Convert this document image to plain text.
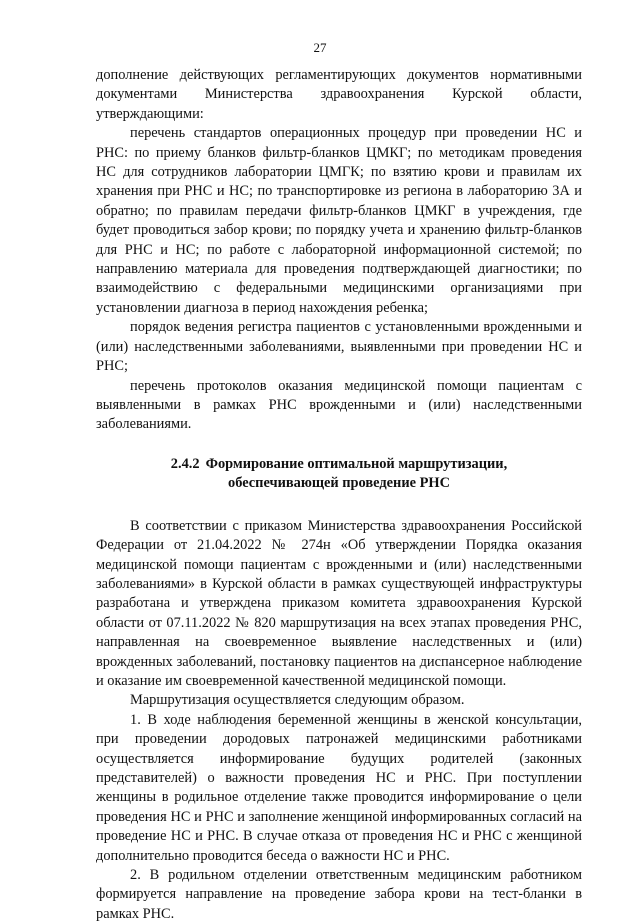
27

дополнение действующих регламентирующих документов нормативными документами Министерства здравоохранения Курской области, утверждающими:

перечень стандартов операционных процедур при проведении НС и РНС: по приему бланков фильтр-бланков ЦМКГ; по методикам проведения НС для сотрудников лаборатории ЦМГК; по взятию крови и правилам их хранения при РНС и НС; по транспортировке из региона в лабораторию 3А и обратно; по правилам передачи фильтр-бланков ЦМКГ в учреждения, где будет проводиться забор крови; по порядку учета и хранению фильтр-бланков для РНС и НС; по работе с лабораторной информационной системой; по направлению материала для проведения подтверждающей диагностики; по взаимодействию с федеральными медицинскими организациями при установлении диагноза в период нахождения ребенка;

порядок ведения регистра пациентов с установленными врожденными и (или) наследственными заболеваниями, выявленными при проведении НС и РНС;

перечень протоколов оказания медицинской помощи пациентам с выявленными в рамках РНС врожденными и (или) наследственными заболеваниями.

2.4.2 Формирование оптимальной маршрутизации,
обеспечивающей проведение РНС

В соответствии с приказом Министерства здравоохранения Российской Федерации от 21.04.2022 № 274н «Об утверждении Порядка оказания медицинской помощи пациентам с врожденными и (или) наследственными заболеваниями» в Курской области в рамках существующей инфраструктуры разработана и утверждена приказом комитета здравоохранения Курской области от 07.11.2022 № 820 маршрутизация на всех этапах проведения РНС, направленная на своевременное выявление наследственных и (или) врожденных заболеваний, постановку пациентов на диспансерное наблюдение и оказание им своевременной качественной медицинской помощи.

Маршрутизация осуществляется следующим образом.

1. В ходе наблюдения беременной женщины в женской консультации, при проведении дородовых патронажей медицинскими работниками осуществляется информирование будущих родителей (законных представителей) о важности проведения НС и РНС. При поступлении женщины в родильное отделение также проводится информирование о цели проведения НС и РНС и заполнение женщиной информированных согласий на проведение НС и РНС. В случае отказа от проведения НС и РНС с женщиной дополнительно проводится беседа о важности НС и РНС.

2. В родильном отделении ответственным медицинским работником формируется направление на проведение забора крови на тест-бланки в рамках РНС.
